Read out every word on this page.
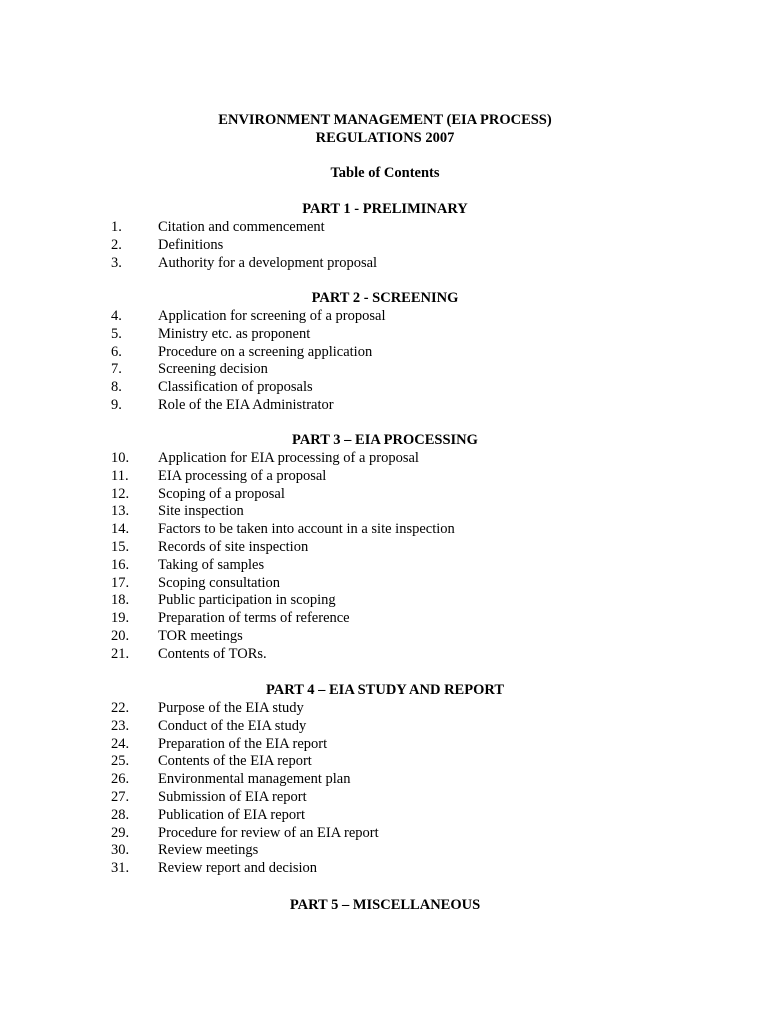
ENVIRONMENT MANAGEMENT (EIA PROCESS)
REGULATIONS 2007
Table of Contents
PART 1 - PRELIMINARY
1.	Citation and commencement
2.	Definitions
3.	Authority for a development proposal
PART 2 - SCREENING
4.	Application for screening of a proposal
5.	Ministry etc. as proponent
6.	Procedure on a screening application
7.	Screening decision
8.	Classification of proposals
9.	Role of the EIA Administrator
PART 3 – EIA PROCESSING
10.	Application for EIA processing of a proposal
11.	EIA processing of a proposal
12.	Scoping of a proposal
13.	Site inspection
14.	Factors to be taken into account in a site inspection
15.	Records of site inspection
16.	Taking of samples
17.	Scoping consultation
18.	Public participation in scoping
19.	Preparation of terms of reference
20.	TOR meetings
21.	Contents of TORs.
PART 4 – EIA STUDY AND REPORT
22.	Purpose of the EIA study
23.	Conduct of the EIA study
24.	Preparation of the EIA report
25.	Contents of the EIA report
26.	Environmental management plan
27.	Submission of EIA report
28.	Publication of EIA report
29.	Procedure for review of an EIA report
30.	Review meetings
31.	Review report and decision
PART 5 – MISCELLANEOUS
